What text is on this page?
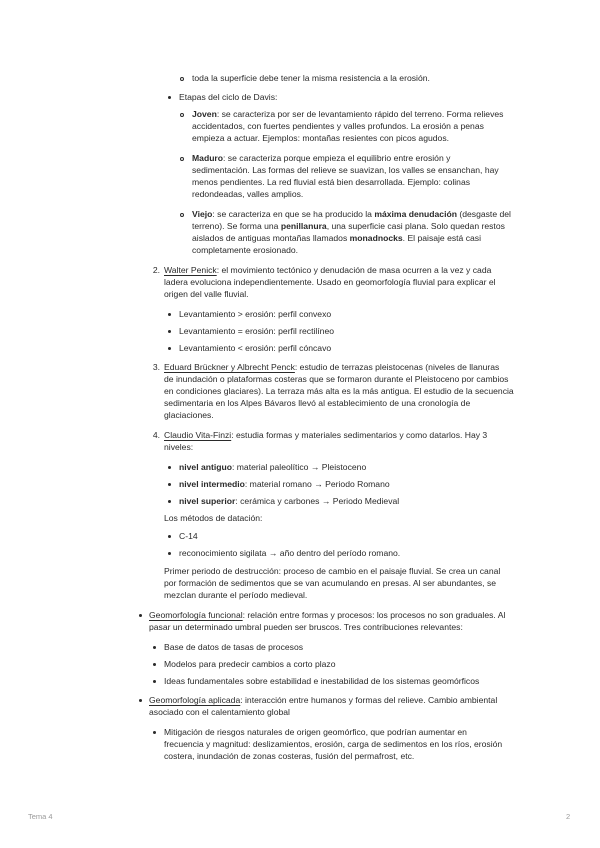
toda la superficie debe tener la misma resistencia a la erosión.
Etapas del ciclo de Davis:
Joven: se caracteriza por ser de levantamiento rápido del terreno. Forma relieves
accidentados, con fuertes pendientes y valles profundos. La erosión a penas
empieza a actuar. Ejemplos: montañas resientes con picos agudos.
Maduro: se caracteriza porque empieza el equilibrio entre erosión y
sedimentación. Las formas del relieve se suavizan, los valles se ensanchan, hay
menos pendientes. La red fluvial está bien desarrollada. Ejemplo: colinas
redondeadas, valles amplios.
Viejo: se caracteriza en que se ha producido la máxima denudación (desgaste del
terreno). Se forma una penillanura, una superficie casi plana. Solo quedan restos
aislados de antiguas montañas llamados monadnocks. El paisaje está casi
completamente erosionado.
2. Walter Penick: el movimiento tectónico y denudación de masa ocurren a la vez y cada
ladera evoluciona independientemente. Usado en geomorfología fluvial para explicar el
origen del valle fluvial.
Levantamiento > erosión: perfil convexo
Levantamiento = erosión: perfil rectilíneo
Levantamiento < erosión: perfil cóncavo
3. Eduard Brückner y Albrecht Penck: estudio de terrazas pleistocenas (niveles de llanuras
de inundación o plataformas costeras que se formaron durante el Pleistoceno por cambios
en condiciones glaciares). La terraza más alta es la más antigua. El estudio de la secuencia
sedimentaria en los Alpes Bávaros llevó al establecimiento de una cronología de
glaciaciones.
4. Claudio Vita-Finzi: estudia formas y materiales sedimentarios y como datarlos. Hay 3
niveles:
nivel antiguo: material paleolítico → Pleistoceno
nivel intermedio: material romano → Periodo Romano
nivel superior: cerámica y carbones → Periodo Medieval
Los métodos de datación:
C-14
reconocimiento sigilata → año dentro del período romano.
Primer periodo de destrucción: proceso de cambio en el paisaje fluvial. Se crea un canal
por formación de sedimentos que se van acumulando en presas. Al ser abundantes, se
mezclan durante el período medieval.
Geomorfología funcional: relación entre formas y procesos: los procesos no son graduales. Al
pasar un determinado umbral pueden ser bruscos. Tres contribuciones relevantes:
Base de datos de tasas de procesos
Modelos para predecir cambios a corto plazo
Ideas fundamentales sobre estabilidad e inestabilidad de los sistemas geomórficos
Geomorfología aplicada: interacción entre humanos y formas del relieve. Cambio ambiental
asociado con el calentamiento global
Mitigación de riesgos naturales de origen geomórfico, que podrían aumentar en
frecuencia y magnitud: deslizamientos, erosión, carga de sedimentos en los ríos, erosión
costera, inundación de zonas costeras, fusión del permafrost, etc.
Tema 4	2
